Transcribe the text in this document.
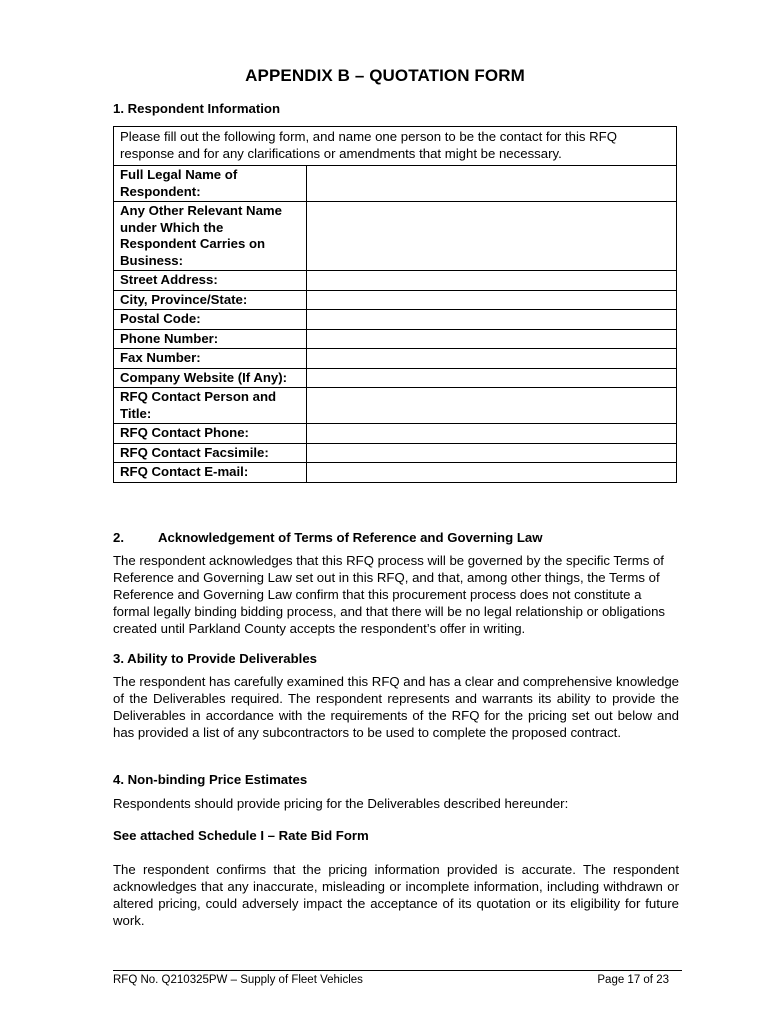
APPENDIX B – QUOTATION FORM
1. Respondent Information
Please fill out the following form, and name one person to be the contact for this RFQ response and for any clarifications or amendments that might be necessary.	
Full Legal Name of Respondent:	
Any Other Relevant Name under Which the Respondent Carries on Business:	
Street Address:	
City, Province/State:	
Postal Code:	
Phone Number:	
Fax Number:	
Company Website (If Any):	
RFQ Contact Person and Title:	
RFQ Contact Phone:	
RFQ Contact Facsimile:	
RFQ Contact E-mail:	
2.	Acknowledgement of Terms of Reference and Governing Law
The respondent acknowledges that this RFQ process will be governed by the specific Terms of Reference and Governing Law set out in this RFQ, and that, among other things, the Terms of Reference and Governing Law confirm that this procurement process does not constitute a formal legally binding bidding process, and that there will be no legal relationship or obligations created until Parkland County accepts the respondent’s offer in writing.
3. Ability to Provide Deliverables
The respondent has carefully examined this RFQ and has a clear and comprehensive knowledge of the Deliverables required. The respondent represents and warrants its ability to provide the Deliverables in accordance with the requirements of the RFQ for the pricing set out below and has provided a list of any subcontractors to be used to complete the proposed contract.
4. Non-binding Price Estimates
Respondents should provide pricing for the Deliverables described hereunder:
See attached Schedule I – Rate Bid Form
The respondent confirms that the pricing information provided is accurate. The respondent acknowledges that any inaccurate, misleading or incomplete information, including withdrawn or altered pricing, could adversely impact the acceptance of its quotation or its eligibility for future work.
RFQ No. Q210325PW – Supply of Fleet Vehicles	Page 17 of 23
